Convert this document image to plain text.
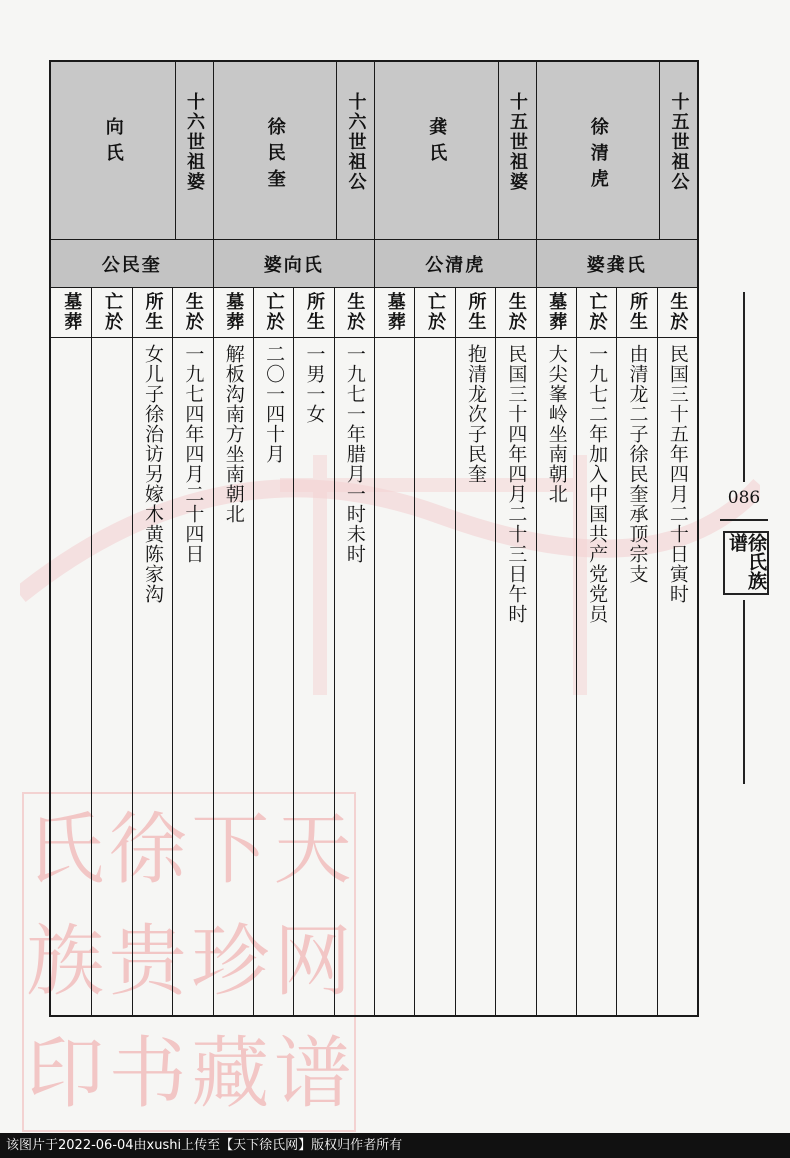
天
下
徐
氏
网
珍
贵
族
谱
藏
书
印
十五世祖公
徐清虎
婆龚氏
生於
民国三十五年四月二十日寅时
所生
由清龙二子徐民奎承顶宗支
亡於
一九七二年加入中国共产党党员
墓葬
大尖峯岭坐南朝北
十五世祖婆
龚氏
公清虎
生於
民国三十四年四月二十三日午时
所生
抱清龙次子民奎
亡於
墓葬
十六世祖公
徐民奎
婆向氏
生於
一九七一年腊月一时未时
所生
一男一女
亡於
二〇一四十月
墓葬
解板沟南方坐南朝北
十六世祖婆
向氏
公民奎
生於
一九七四年四月二十四日
所生
女儿子徐治访另嫁木黄陈家沟
亡於
墓葬
086
徐氏族谱
该图片于2022-06-04由xushi上传至【天下徐氏网】版权归作者所有
